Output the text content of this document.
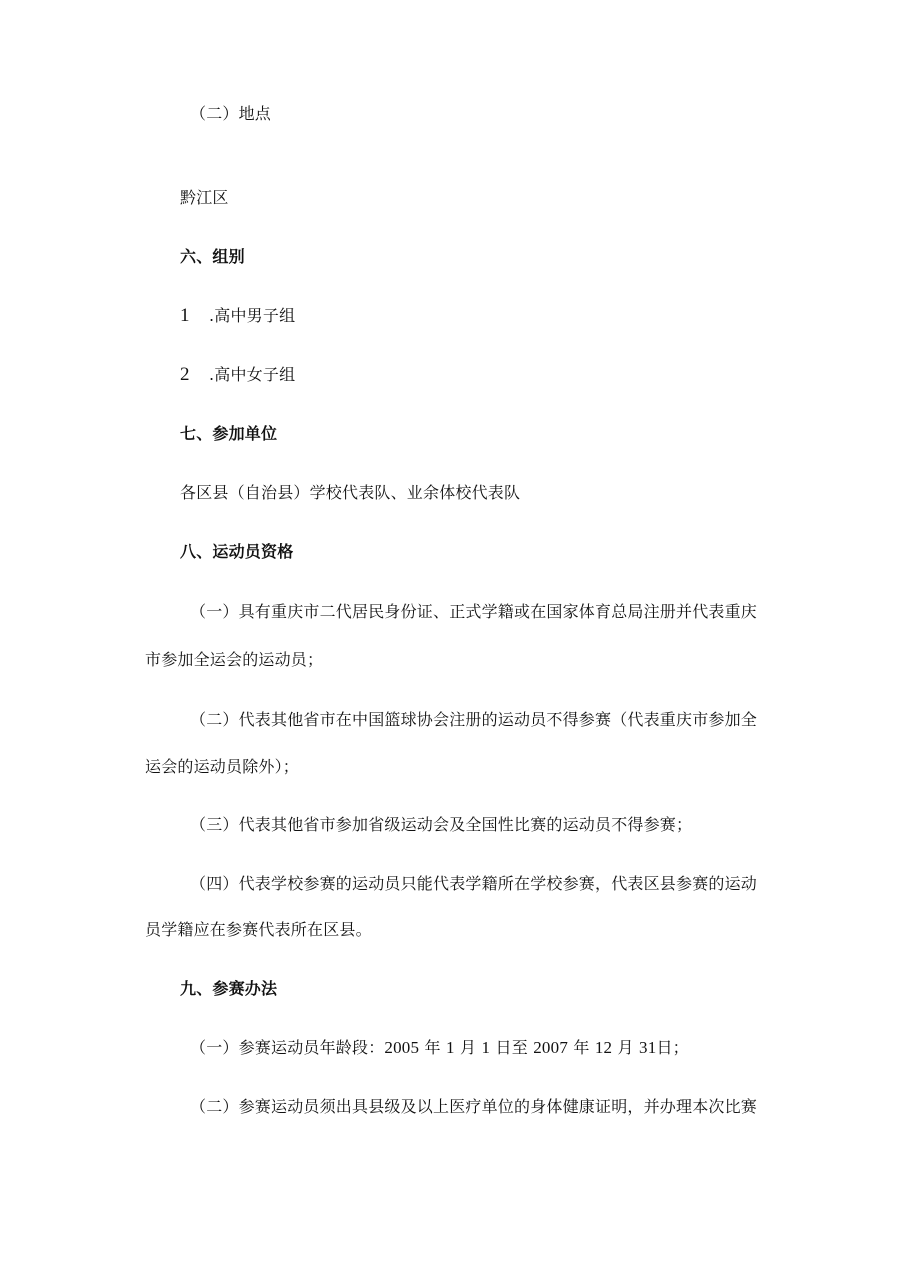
（二）地点
黔江区
六、组别
1 .高中男子组
2 .高中女子组
七、参加单位
各区县（自治县）学校代表队、业余体校代表队
八、运动员资格
（一）具有重庆市二代居民身份证、正式学籍或在国家体育总局注册并代表重庆
市参加全运会的运动员；
（二）代表其他省市在中国篮球协会注册的运动员不得参赛（代表重庆市参加全
运会的运动员除外）；
（三）代表其他省市参加省级运动会及全国性比赛的运动员不得参赛；
（四）代表学校参赛的运动员只能代表学籍所在学校参赛，代表区县参赛的运动
员学籍应在参赛代表所在区县。
九、参赛办法
（一）参赛运动员年龄段：2005 年 1 月 1 日至 2007 年 12 月 31日；
（二）参赛运动员须出具县级及以上医疗单位的身体健康证明，并办理本次比赛
